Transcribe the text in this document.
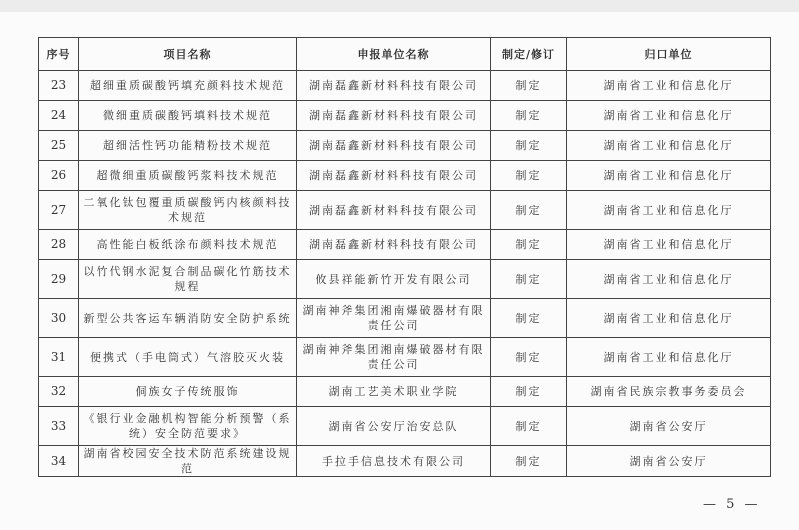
序号	项目名称	申报单位名称	制定/修订	归口单位
23	超细重质碳酸钙填充颜料技术规范	湖南磊鑫新材料科技有限公司	制定	湖南省工业和信息化厅
24	微细重质碳酸钙填料技术规范	湖南磊鑫新材料科技有限公司	制定	湖南省工业和信息化厅
25	超细活性钙功能精粉技术规范	湖南磊鑫新材料科技有限公司	制定	湖南省工业和信息化厅
26	超微细重质碳酸钙浆料技术规范	湖南磊鑫新材料科技有限公司	制定	湖南省工业和信息化厅
27	二氧化钛包覆重质碳酸钙内核颜料技术规范	湖南磊鑫新材料科技有限公司	制定	湖南省工业和信息化厅
28	高性能白板纸涂布颜料技术规范	湖南磊鑫新材料科技有限公司	制定	湖南省工业和信息化厅
29	以竹代钢水泥复合制品碳化竹筋技术规程	攸县祥能新竹开发有限公司	制定	湖南省工业和信息化厅
30	新型公共客运车辆消防安全防护系统	湖南神斧集团湘南爆破器材有限责任公司	制定	湖南省工业和信息化厅
31	便携式（手电筒式）气溶胶灭火装	湖南神斧集团湘南爆破器材有限责任公司	制定	湖南省工业和信息化厅
32	侗族女子传统服饰	湖南工艺美术职业学院	制定	湖南省民族宗教事务委员会
33	《银行业金融机构智能分析预警（系统）安全防范要求》	湖南省公安厅治安总队	制定	湖南省公安厅
34	湖南省校园安全技术防范系统建设规范	手拉手信息技术有限公司	制定	湖南省公安厅
— 5 —
